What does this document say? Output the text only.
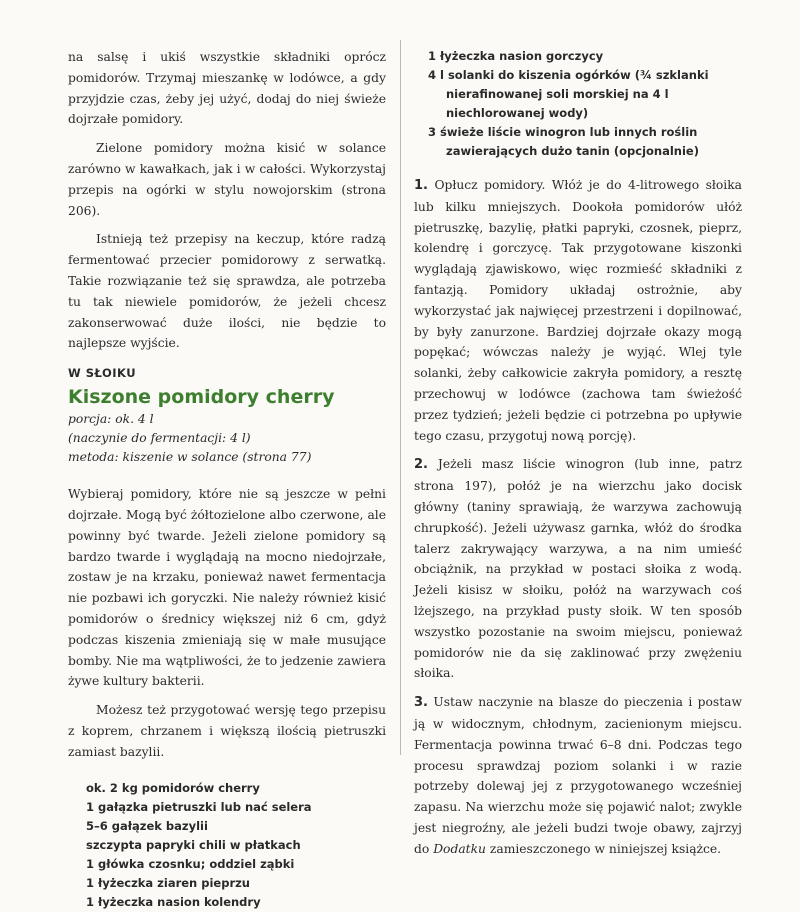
na salsę i ukiś wszystkie składniki oprócz pomidorów. Trzymaj mieszankę w lodówce, a gdy przyjdzie czas, żeby jej użyć, dodaj do niej świeże dojrzałe pomidory.

Zielone pomidory można kisić w solance zarówno w kawałkach, jak i w całości. Wykorzystaj przepis na ogórki w stylu nowojorskim (strona 206).

Istnieją też przepisy na keczup, które radzą fermentować przecier pomidorowy z serwatką. Takie rozwiązanie też się sprawdza, ale potrzeba tu tak niewiele pomidorów, że jeżeli chcesz zakonserwować duże ilości, nie będzie to najlepsze wyjście.

W SŁOIKU
Kiszone pomidory cherry
porcja: ok. 4 l
(naczynie do fermentacji: 4 l)
metoda: kiszenie w solance (strona 77)

Wybieraj pomidory, które nie są jeszcze w pełni dojrzałe. Mogą być żółtozielone albo czerwone, ale powinny być twarde. Jeżeli zielone pomidory są bardzo twarde i wyglądają na mocno niedojrzałe, zostaw je na krzaku, ponieważ nawet fermentacja nie pozbawi ich goryczki. Nie należy również kisić pomidorów o średnicy większej niż 6 cm, gdyż podczas kiszenia zmieniają się w małe musujące bomby. Nie ma wątpliwości, że to jedzenie zawiera żywe kultury bakterii.

Możesz też przygotować wersję tego przepisu z koprem, chrzanem i większą ilością pietruszki zamiast bazylii.

ok. 2 kg pomidorów cherry
1 gałązka pietruszki lub nać selera
5–6 gałązek bazylii
szczypta papryki chili w płatkach
1 główka czosnku; oddziel ząbki
1 łyżeczka ziaren pieprzu
1 łyżeczka nasion kolendry
1 łyżeczka nasion gorczycy
4 l solanki do kiszenia ogórków (¾ szklanki nierafinowanej soli morskiej na 4 l niechlorowanej wody)
3 świeże liście winogron lub innych roślin zawierających dużo tanin (opcjonalnie)

1. Opłucz pomidory. Włóż je do 4-litrowego słoika lub kilku mniejszych. Dookoła pomidorów ułóż pietruszkę, bazylię, płatki papryki, czosnek, pieprz, kolendrę i gorczycę. Tak przygotowane kiszonki wyglądają zjawiskowo, więc rozmieść składniki z fantazją. Pomidory układaj ostrożnie, aby wykorzystać jak najwięcej przestrzeni i dopilnować, by były zanurzone. Bardziej dojrzałe okazy mogą popękać; wówczas należy je wyjąć. Wlej tyle solanki, żeby całkowicie zakryła pomidory, a resztę przechowuj w lodówce (zachowa tam świeżość przez tydzień; jeżeli będzie ci potrzebna po upływie tego czasu, przygotuj nową porcję).

2. Jeżeli masz liście winogron (lub inne, patrz strona 197), połóż je na wierzchu jako docisk główny (taniny sprawiają, że warzywa zachowują chrupkość). Jeżeli używasz garnka, włóż do środka talerz zakrywający warzywa, a na nim umieść obciążnik, na przykład w postaci słoika z wodą. Jeżeli kisisz w słoiku, połóż na warzywach coś lżejszego, na przykład pusty słoik. W ten sposób wszystko pozostanie na swoim miejscu, ponieważ pomidorów nie da się zaklinować przy zwężeniu słoika.

3. Ustaw naczynie na blasze do pieczenia i postaw ją w widocznym, chłodnym, zacienionym miejscu. Fermentacja powinna trwać 6–8 dni. Podczas tego procesu sprawdzaj poziom solanki i w razie potrzeby dolewaj jej z przygotowanego wcześniej zapasu. Na wierzchu może się pojawić nalot; zwykle jest niegroźny, ale jeżeli budzi twoje obawy, zajrzyj do Dodatku zamieszczonego w niniejszej książce.
